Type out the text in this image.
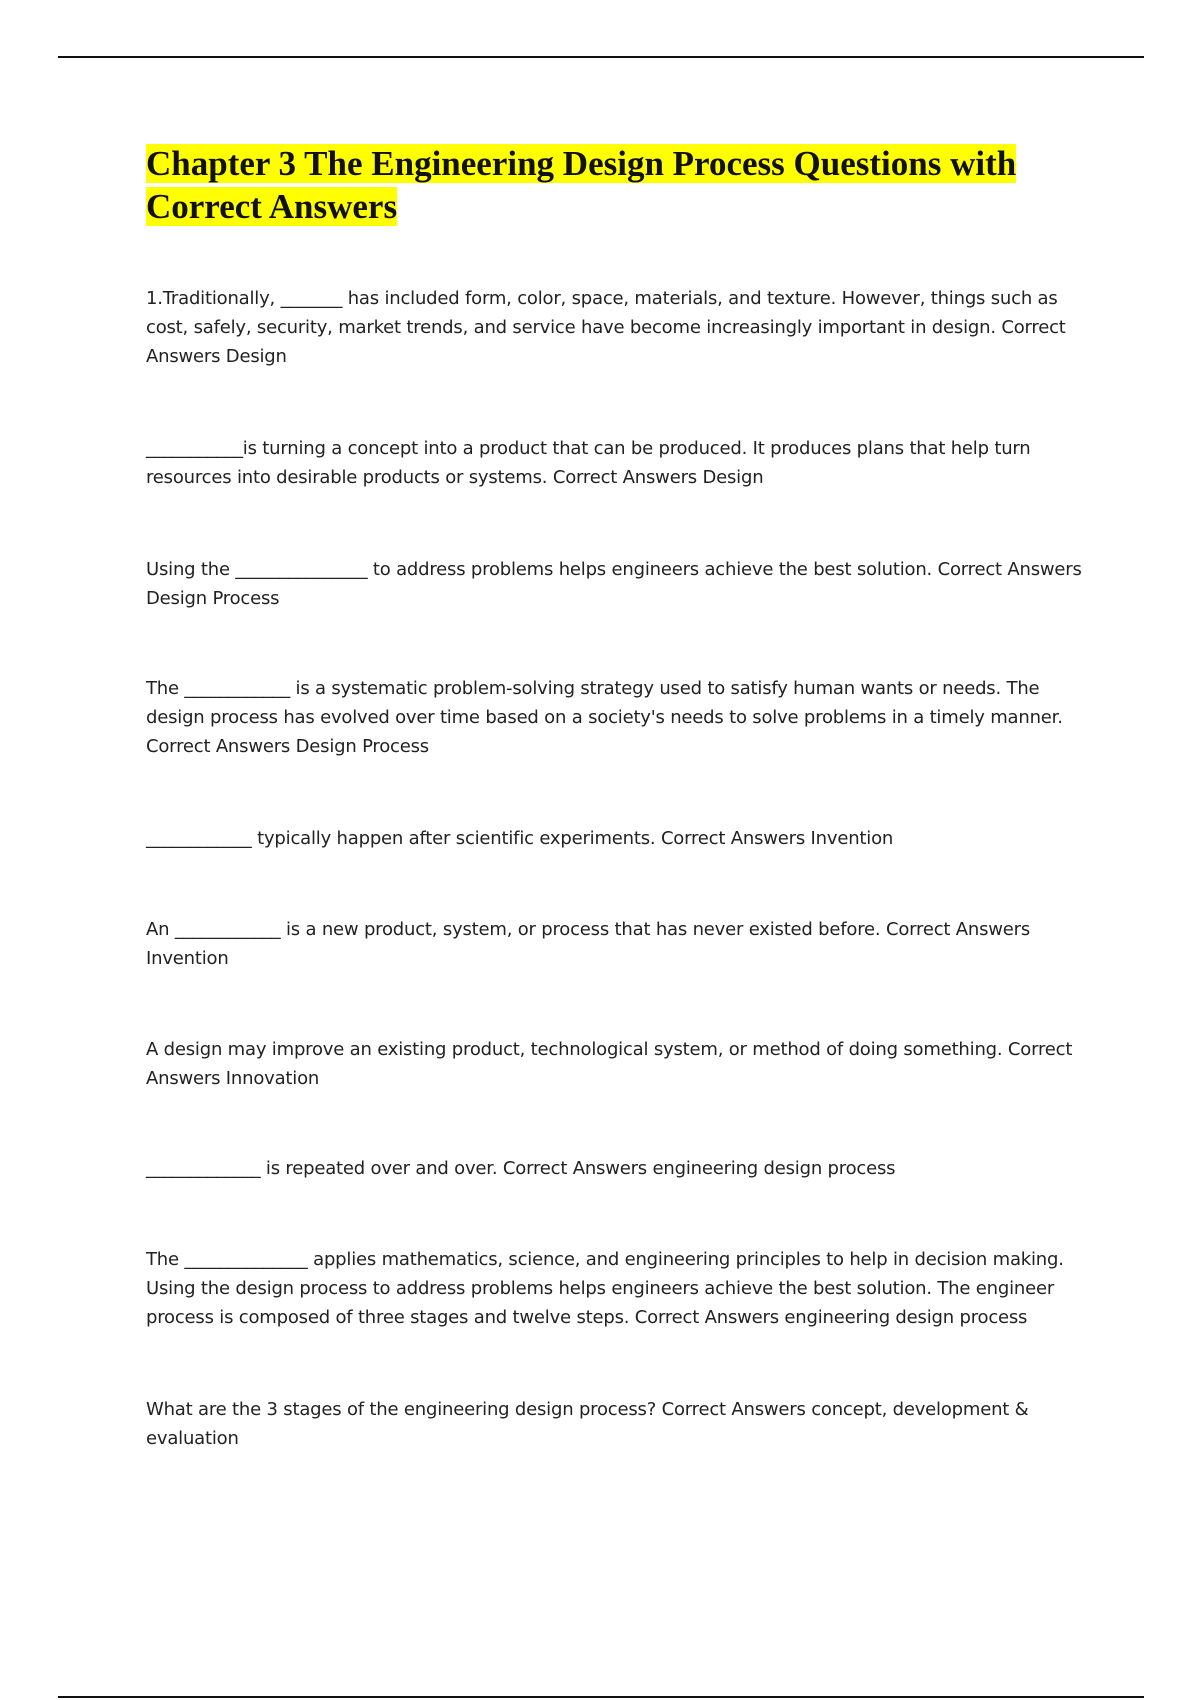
Chapter 3 The Engineering Design Process Questions with Correct Answers

1.Traditionally, _______ has included form, color, space, materials, and texture. However, things such as cost, safely, security, market trends, and service have become increasingly important in design. Correct Answers Design

___________is turning a concept into a product that can be produced. It produces plans that help turn resources into desirable products or systems. Correct Answers Design

Using the _______________ to address problems helps engineers achieve the best solution. Correct Answers Design Process

The ____________ is a systematic problem-solving strategy used to satisfy human wants or needs. The design process has evolved over time based on a society's needs to solve problems in a timely manner. Correct Answers Design Process

____________ typically happen after scientific experiments. Correct Answers Invention

An ____________ is a new product, system, or process that has never existed before. Correct Answers Invention

A design may improve an existing product, technological system, or method of doing something. Correct Answers Innovation

_____________ is repeated over and over. Correct Answers engineering design process

The ______________ applies mathematics, science, and engineering principles to help in decision making. Using the design process to address problems helps engineers achieve the best solution. The engineer process is composed of three stages and twelve steps. Correct Answers engineering design process

What are the 3 stages of the engineering design process? Correct Answers concept, development & evaluation
